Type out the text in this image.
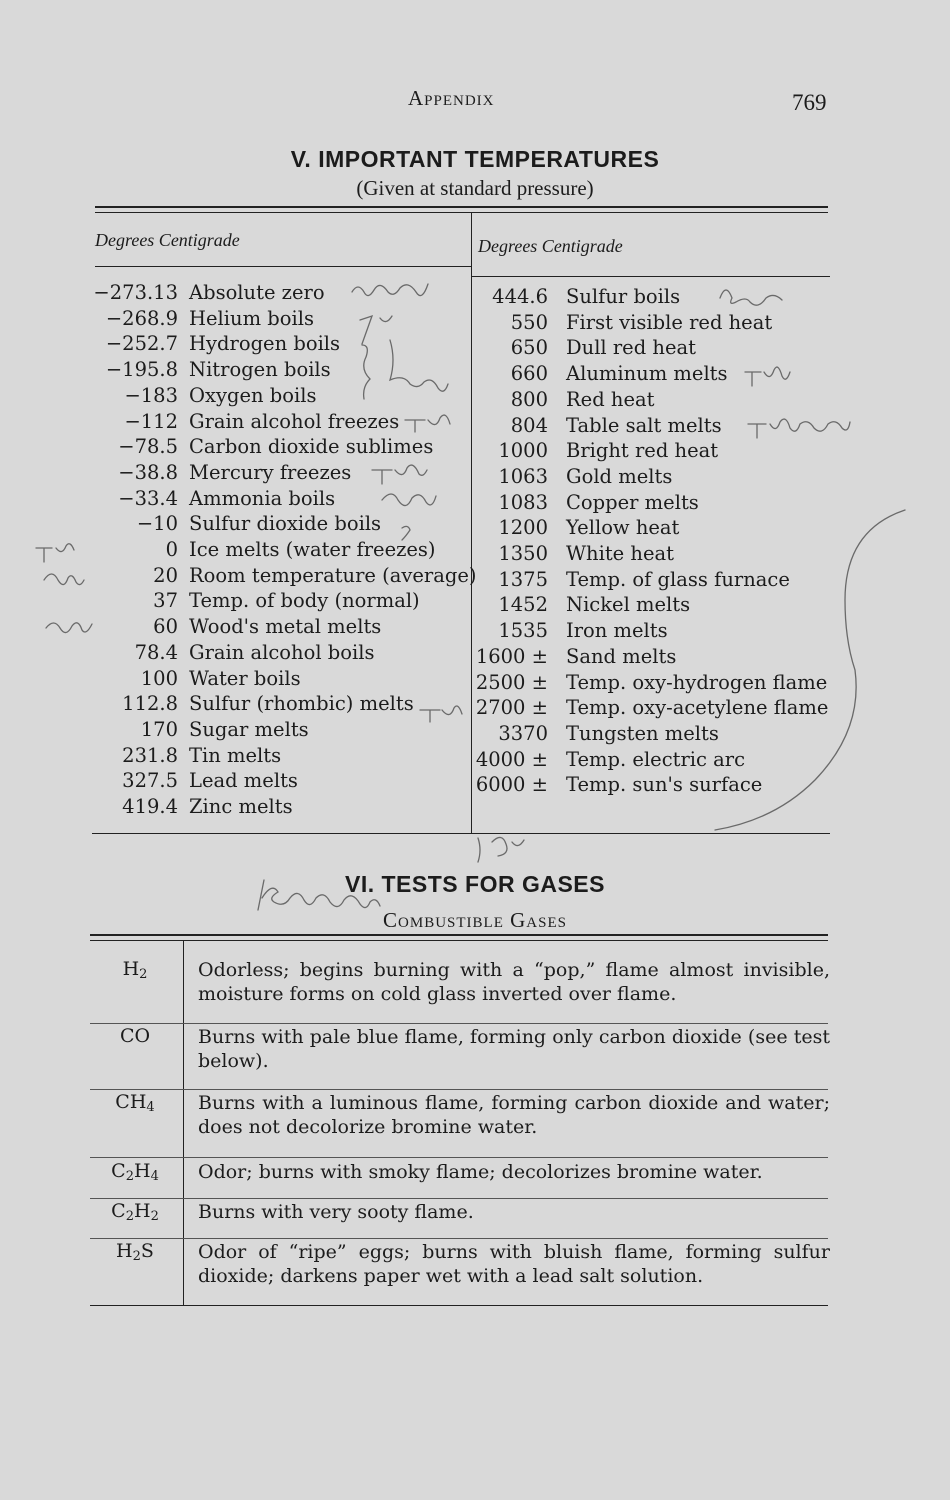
Appendix	769
V. IMPORTANT TEMPERATURES
(Given at standard pressure)
Degrees Centigrade	Degrees Centigrade
−273.13 Absolute zero
−268.9 Helium boils
−252.7 Hydrogen boils
−195.8 Nitrogen boils
−183 Oxygen boils
−112 Grain alcohol freezes
−78.5 Carbon dioxide sublimes
−38.8 Mercury freezes
−33.4 Ammonia boils
−10 Sulfur dioxide boils
0 Ice melts (water freezes)
20 Room temperature (average)
37 Temp. of body (normal)
60 Wood's metal melts
78.4 Grain alcohol boils
100 Water boils
112.8 Sulfur (rhombic) melts
170 Sugar melts
231.8 Tin melts
327.5 Lead melts
419.4 Zinc melts
444.6 Sulfur boils
550 First visible red heat
650 Dull red heat
660 Aluminum melts
800 Red heat
804 Table salt melts
1000 Bright red heat
1063 Gold melts
1083 Copper melts
1200 Yellow heat
1350 White heat
1375 Temp. of glass furnace
1452 Nickel melts
1535 Iron melts
1600 ± Sand melts
2500 ± Temp. oxy-hydrogen flame
2700 ± Temp. oxy-acetylene flame
3370 Tungsten melts
4000 ± Temp. electric arc
6000 ± Temp. sun's surface
VI. TESTS FOR GASES
Combustible Gases
$H_2$	Odorless; begins burning with a “pop,” flame almost invisible, moisture forms on cold glass inverted over flame.
CO	Burns with pale blue flame, forming only carbon dioxide (see test below).
$CH_4$	Burns with a luminous flame, forming carbon dioxide and water; does not decolorize bromine water.
$C_2H_4$	Odor; burns with smoky flame; decolorizes bromine water.
$C_2H_2$	Burns with very sooty flame.
$H_2S$	Odor of “ripe” eggs; burns with bluish flame, forming sulfur dioxide; darkens paper wet with a lead salt solution.
